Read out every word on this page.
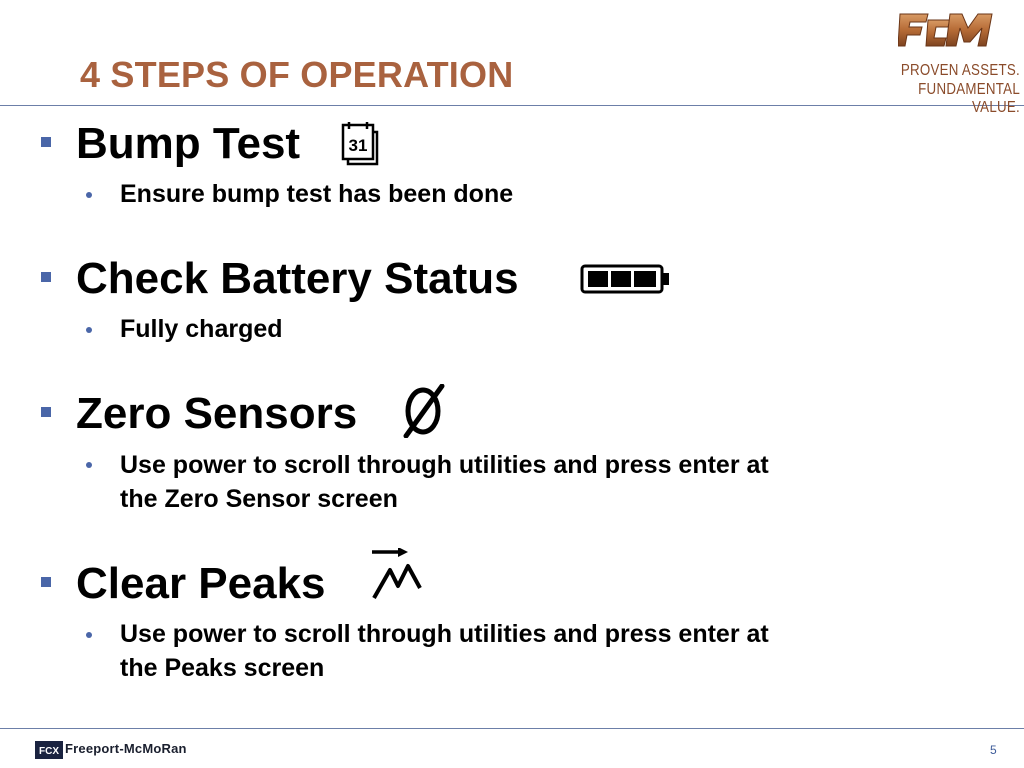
4 STEPS OF OPERATION	PROVEN ASSETS.
FUNDAMENTAL VALUE.
Bump Test	31
Ensure bump test has been done
Check Battery Status
Fully charged
Zero Sensors
Use power to scroll through utilities and press enter at the Zero Sensor screen
Clear Peaks
Use power to scroll through utilities and press enter at the Peaks screen
FCX Freeport-McMoRan	5
